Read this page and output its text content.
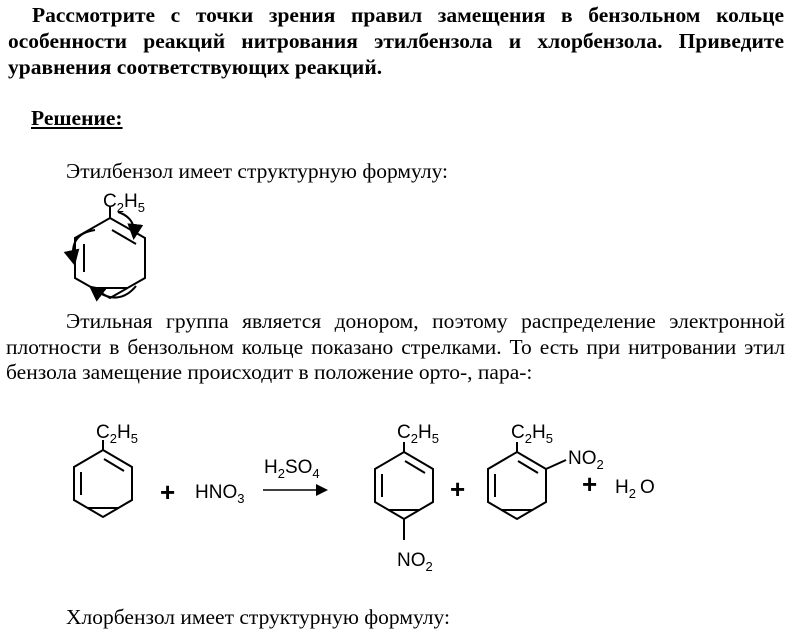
Рассмотрите с точки зрения правил замещения в бензольном кольце особенности реакций нитрования этилбензола и хлорбензола. Приведите уравнения соответствующих реакций.

Решение:

Этилбензол имеет структурную формулу:

Этильная группа является донором, поэтому распределение электронной плотности в бензольном кольце показано стрелками. То есть при нитровании этил бензола замещение происходит в положение орто-, пара-:

Хлорбензол имеет структурную формулу:

$C_2H_5$
$C_2H_5$
+ $HNO_3$
$H_2SO_4$
$C_2H_5$
$NO_2$
+
$C_2H_5$
$NO_2$
+ $H_2$ O
